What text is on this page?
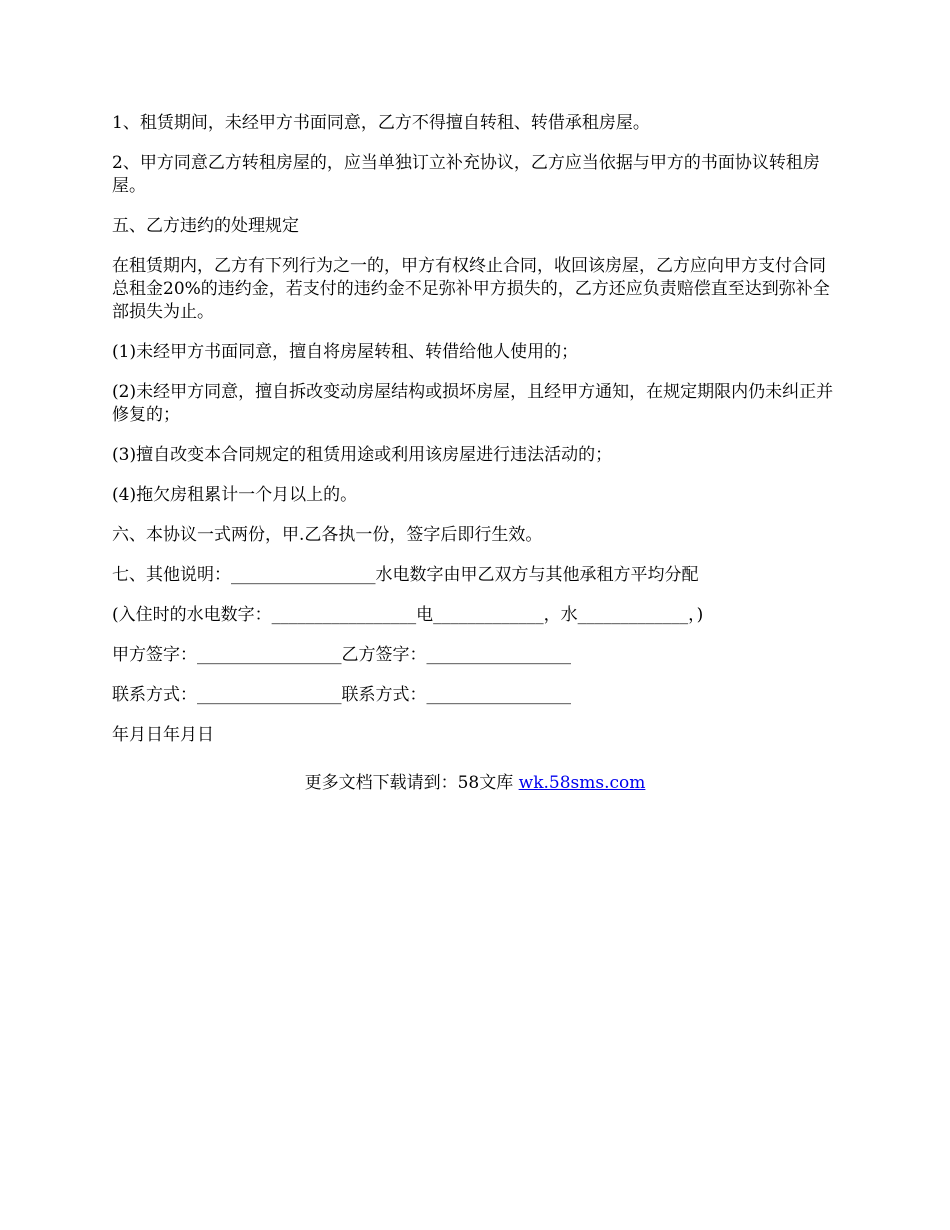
1、租赁期间，未经甲方书面同意，乙方不得擅自转租、转借承租房屋。

2、甲方同意乙方转租房屋的，应当单独订立补充协议，乙方应当依据与甲方的书面协议转租房屋。

五、乙方违约的处理规定

在租赁期内，乙方有下列行为之一的，甲方有权终止合同，收回该房屋，乙方应向甲方支付合同总租金20%的违约金，若支付的违约金不足弥补甲方损失的，乙方还应负责赔偿直至达到弥补全部损失为止。

(1)未经甲方书面同意，擅自将房屋转租、转借给他人使用的；

(2)未经甲方同意，擅自拆改变动房屋结构或损坏房屋，且经甲方通知，在规定期限内仍未纠正并修复的；

(3)擅自改变本合同规定的租赁用途或利用该房屋进行违法活动的；

(4)拖欠房租累计一个月以上的。

六、本协议一式两份，甲.乙各执一份，签字后即行生效。

七、其他说明：_________________水电数字由甲乙双方与其他承租方平均分配

(入住时的水电数字：_________________电_____________，水_____________，)

甲方签字：_________________乙方签字：_________________

联系方式：_________________联系方式：_________________

年月日年月日

更多文档下载请到：58文库 wk.58sms.com
